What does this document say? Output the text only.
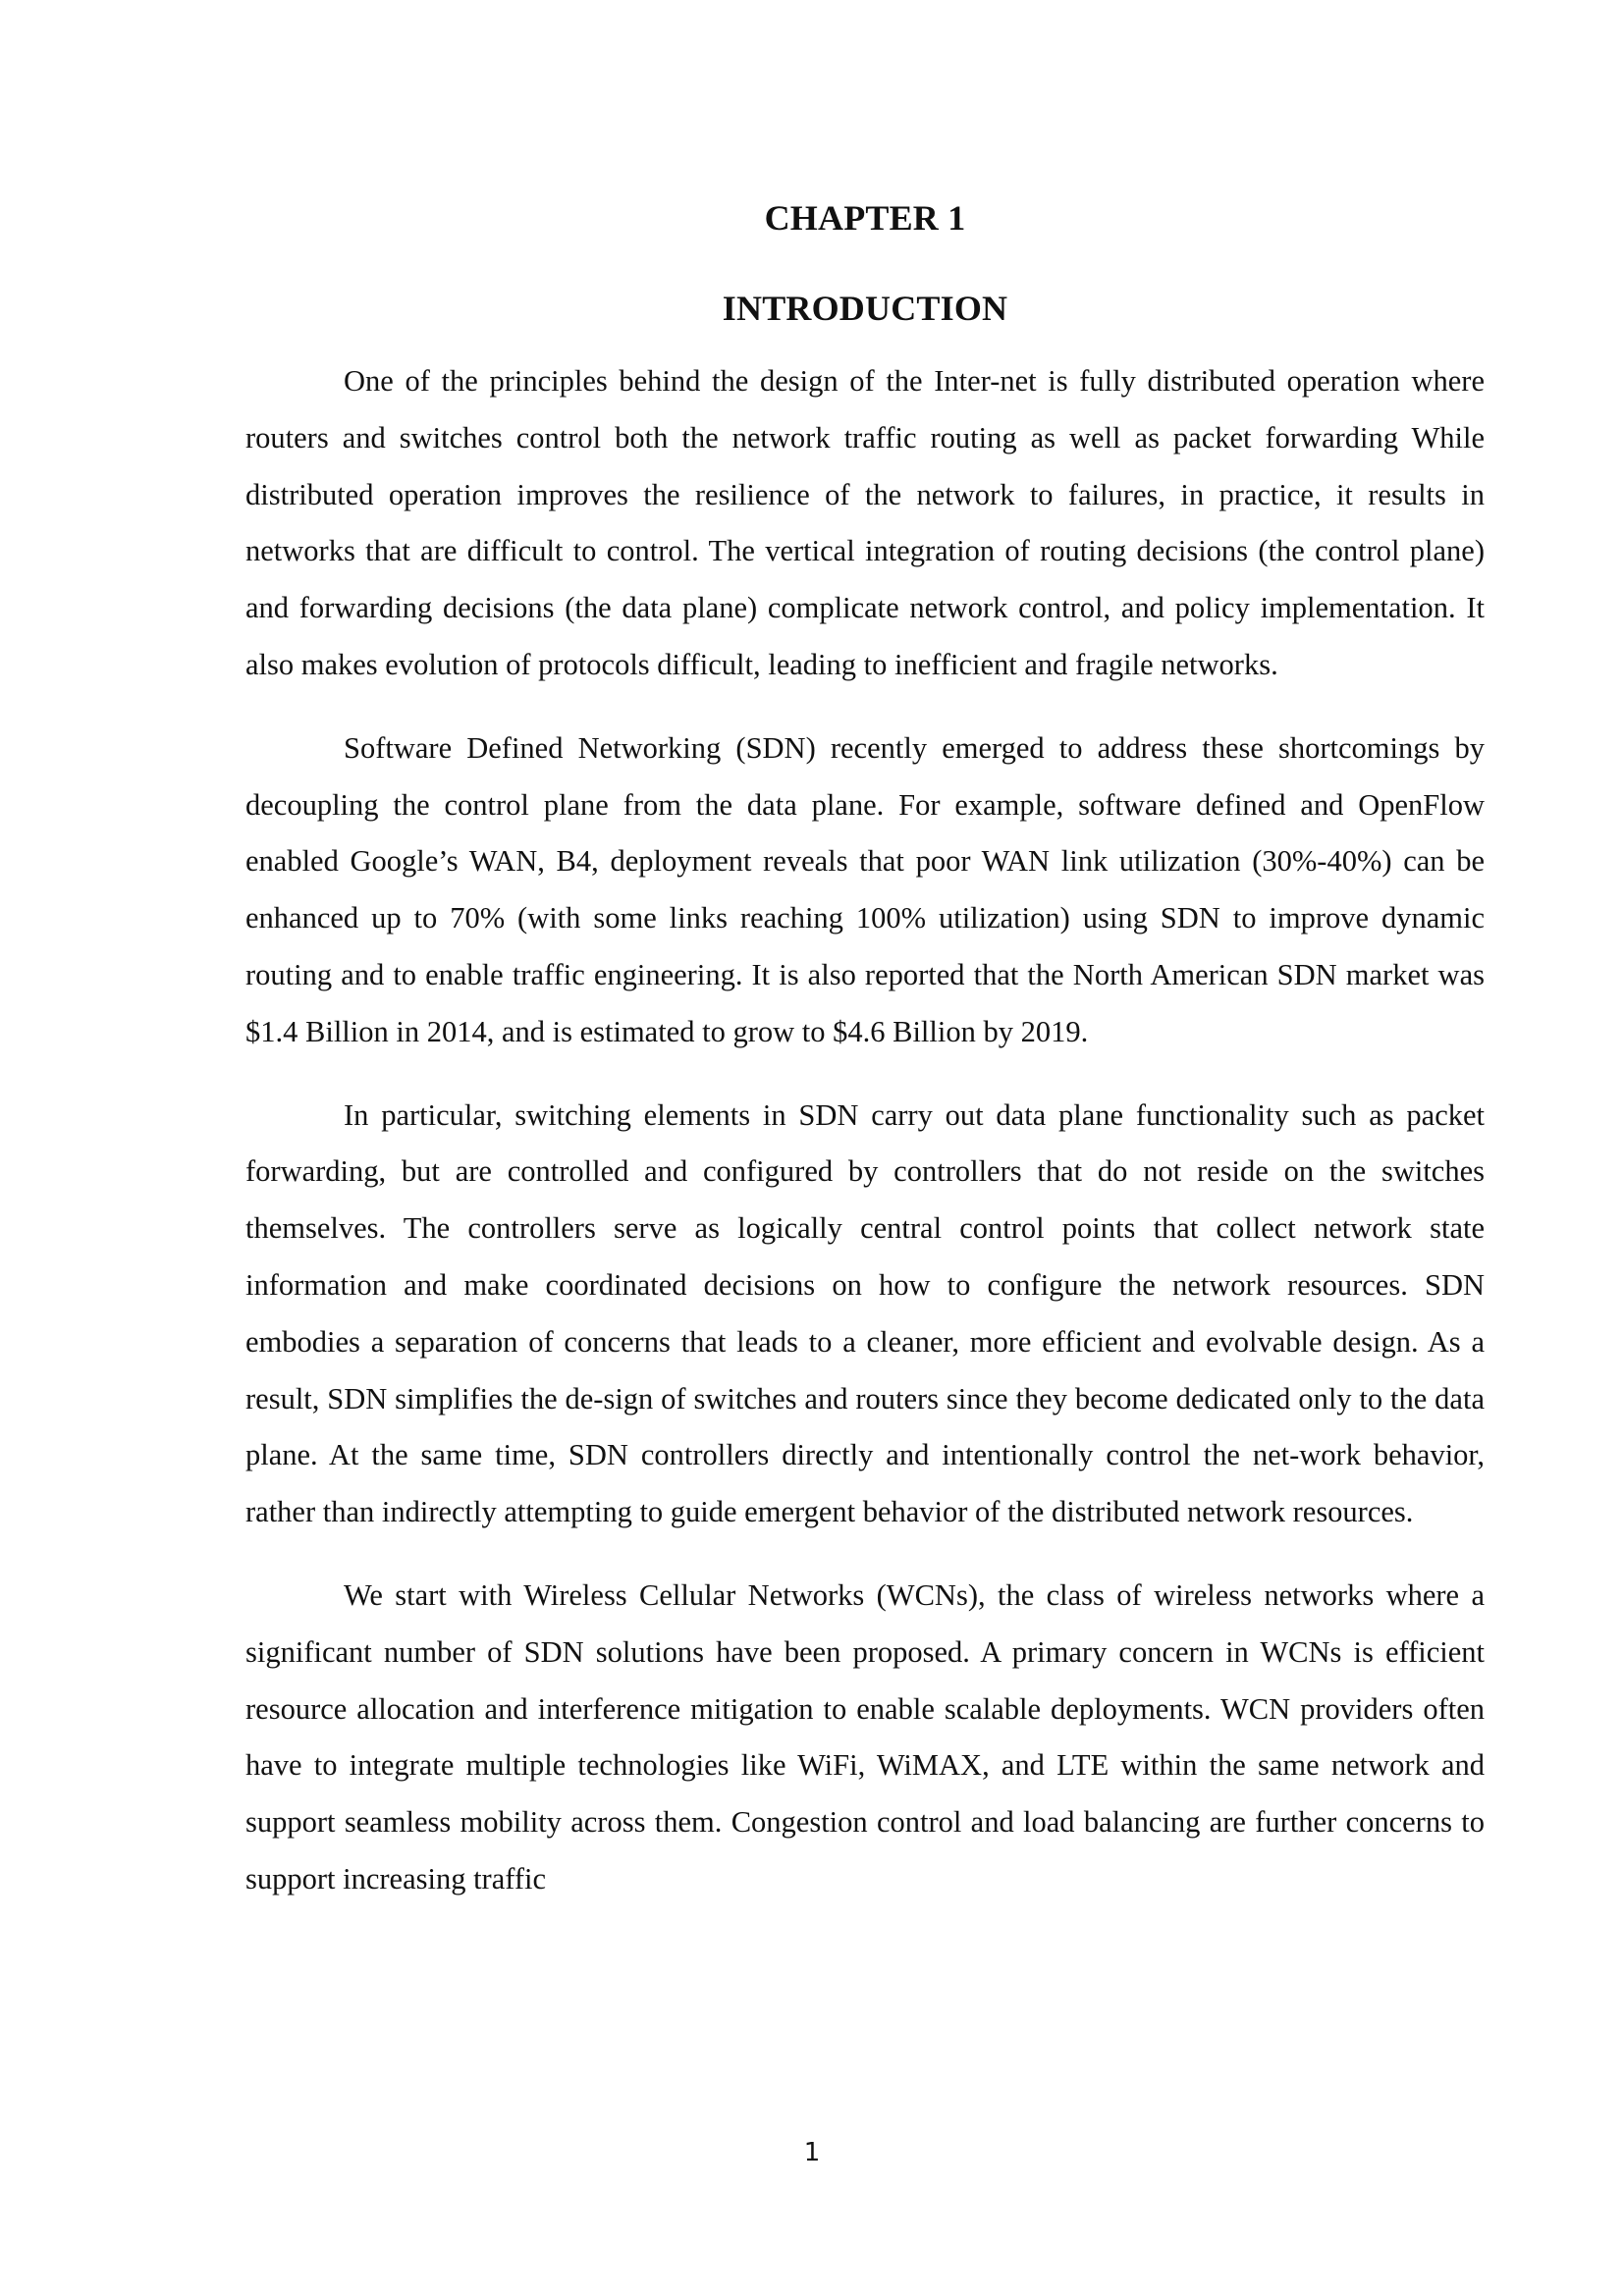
CHAPTER 1
INTRODUCTION

One of the principles behind the design of the Inter-net is fully distributed operation where routers and switches control both the network traffic routing as well as packet forwarding While distributed operation improves the resilience of the network to failures, in practice, it results in networks that are difficult to control. The vertical integration of routing decisions (the control plane) and forwarding decisions (the data plane) complicate network control, and policy implementation. It also makes evolution of protocols difficult, leading to inefficient and fragile networks.

Software Defined Networking (SDN) recently emerged to address these shortcomings by decoupling the control plane from the data plane. For example, software defined and OpenFlow enabled Google’s WAN, B4, deployment reveals that poor WAN link utilization (30%-40%) can be enhanced up to 70% (with some links reaching 100% utilization) using SDN to improve dynamic routing and to enable traffic engineering. It is also reported that the North American SDN market was $1.4 Billion in 2014, and is estimated to grow to $4.6 Billion by 2019.

In particular, switching elements in SDN carry out data plane functionality such as packet forwarding, but are controlled and configured by controllers that do not reside on the switches themselves. The controllers serve as logically central control points that collect network state information and make coordinated decisions on how to configure the network resources. SDN embodies a separation of concerns that leads to a cleaner, more efficient and evolvable design. As a result, SDN simplifies the de-sign of switches and routers since they become dedicated only to the data plane. At the same time, SDN controllers directly and intentionally control the net-work behavior, rather than indirectly attempting to guide emergent behavior of the distributed network resources.

We start with Wireless Cellular Networks (WCNs), the class of wireless networks where a significant number of SDN solutions have been proposed. A primary concern in WCNs is efficient resource allocation and interference mitigation to enable scalable deployments. WCN providers often have to integrate multiple technologies like WiFi, WiMAX, and LTE within the same network and support seamless mobility across them. Congestion control and load balancing are further concerns to support increasing traffic

1
